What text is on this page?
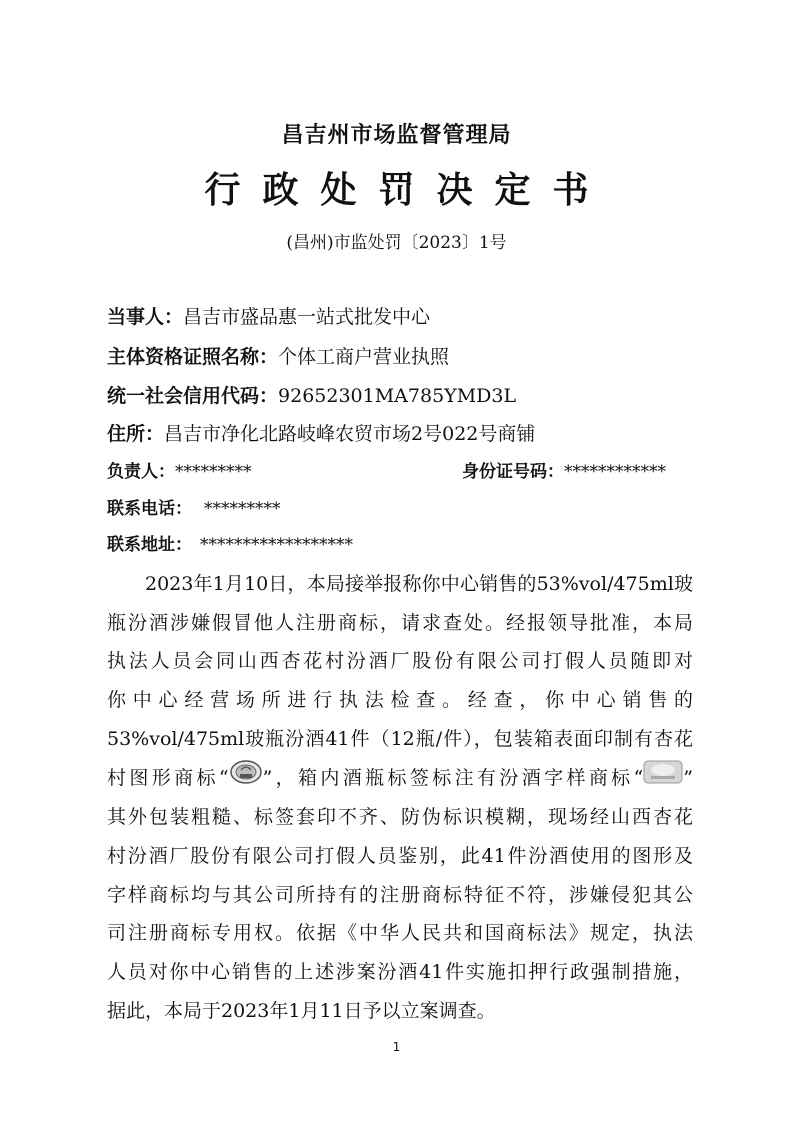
昌吉州市场监督管理局
行政处罚决定书
(昌州)市监处罚〔2023〕1号
当事人：昌吉市盛品惠一站式批发中心
主体资格证照名称：个体工商户营业执照
统一社会信用代码：92652301MA785YMD3L
住所：昌吉市净化北路岐峰农贸市场2号022号商铺
负责人：*********	身份证号码：************
联系电话： *********
联系地址： ******************
2023年1月10日，本局接举报称你中心销售的53%vol/475ml玻
瓶汾酒涉嫌假冒他人注册商标，请求查处。经报领导批准，本局
执法人员会同山西杏花村汾酒厂股份有限公司打假人员随即对
你中心经营场所进行执法检查。经查，你中心销售的
53%vol/475ml玻瓶汾酒41件（12瓶/件），包装箱表面印制有杏花
村图形商标“ ”，箱内酒瓶标签标注有汾酒字样商标“ ”
其外包装粗糙、标签套印不齐、防伪标识模糊，现场经山西杏花
村汾酒厂股份有限公司打假人员鉴别，此41件汾酒使用的图形及
字样商标均与其公司所持有的注册商标特征不符，涉嫌侵犯其公
司注册商标专用权。依据《中华人民共和国商标法》规定，执法
人员对你中心销售的上述涉案汾酒41件实施扣押行政强制措施，
据此，本局于2023年1月11日予以立案调查。
1
